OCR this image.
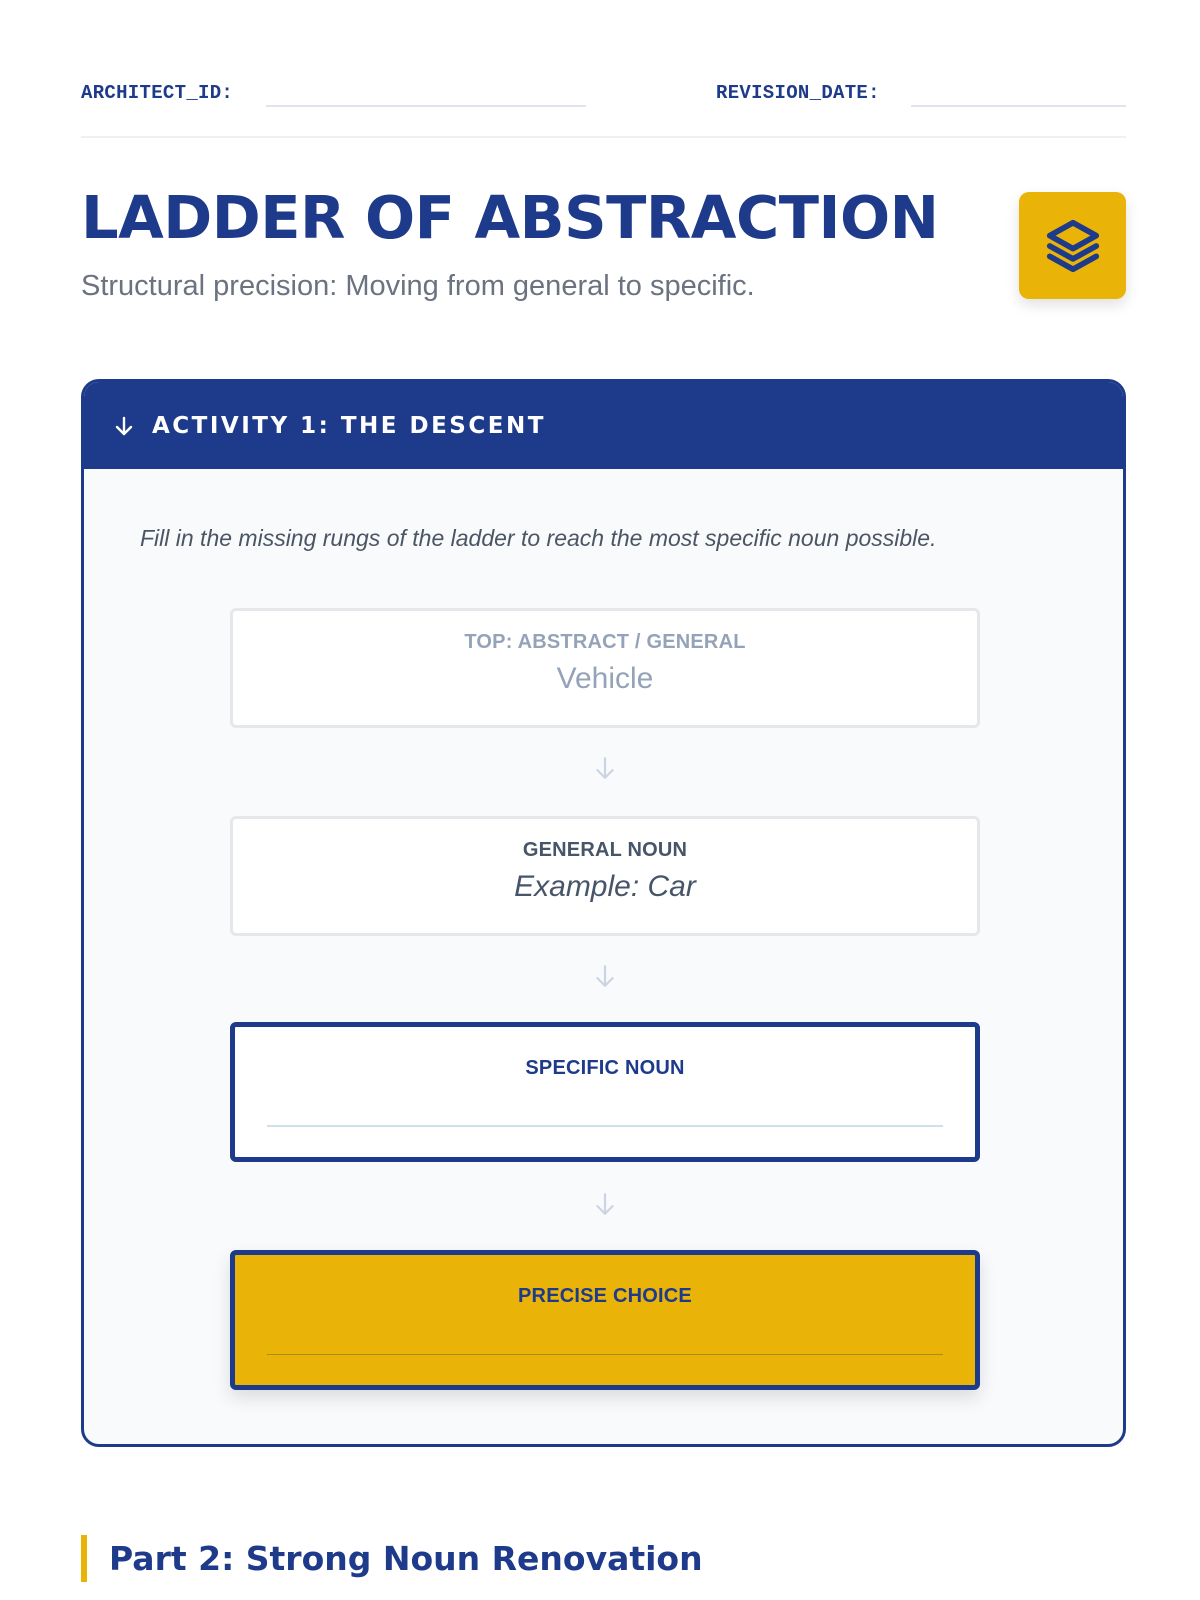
ARCHITECT_ID:	REVISION_DATE:
LADDER OF ABSTRACTION

Structural precision: Moving from general to specific.

ACTIVITY 1: THE DESCENT

Fill in the missing rungs of the ladder to reach the most specific noun possible.

TOP: ABSTRACT / GENERAL
Vehicle
GENERAL NOUN
Example: Car
SPECIFIC NOUN
PRECISE CHOICE
Part 2: Strong Noun Renovation
